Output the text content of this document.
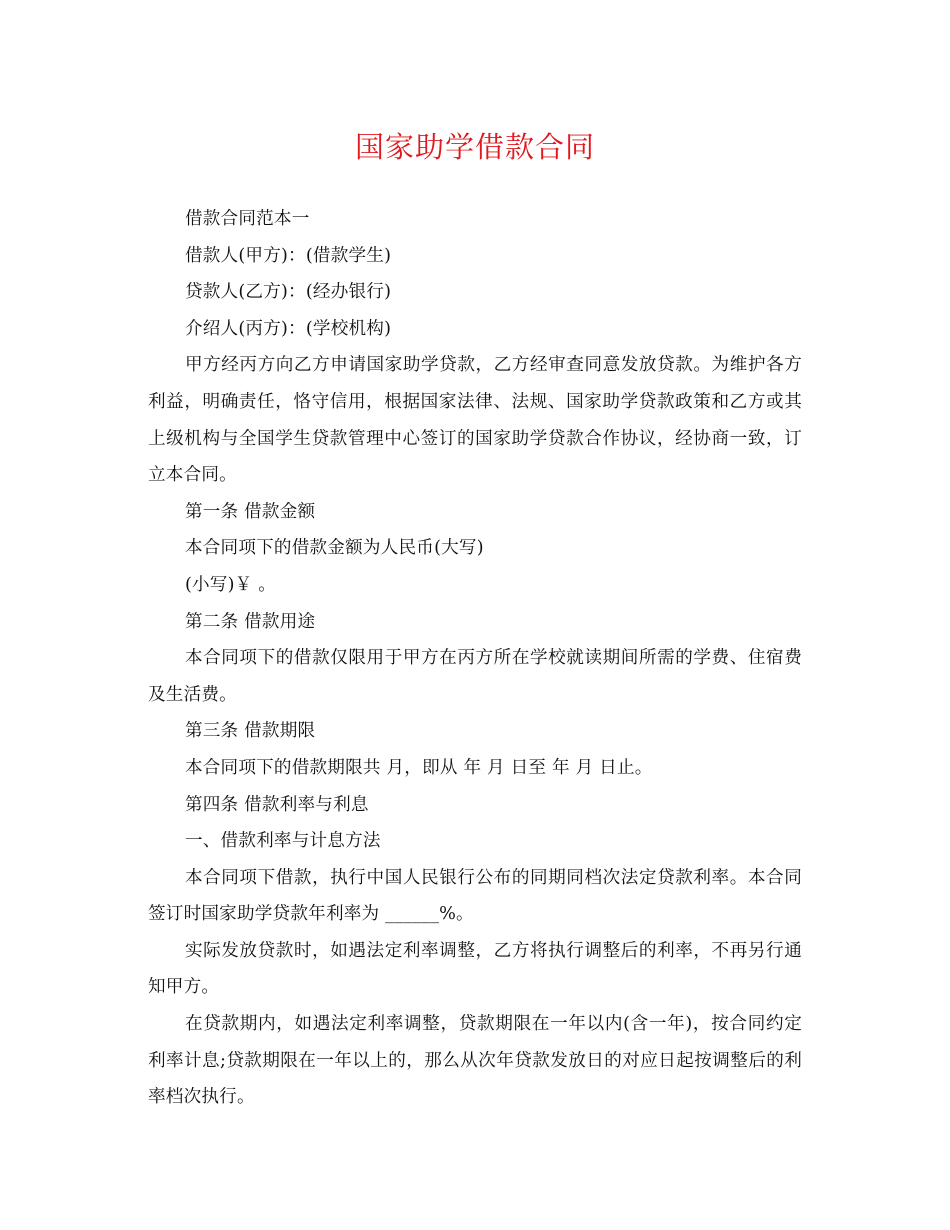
国家助学借款合同

借款合同范本一

借款人(甲方)：(借款学生)

贷款人(乙方)：(经办银行)

介绍人(丙方)：(学校机构)

甲方经丙方向乙方申请国家助学贷款，乙方经审查同意发放贷款。为维护各方利益，明确责任，恪守信用，根据国家法律、法规、国家助学贷款政策和乙方或其上级机构与全国学生贷款管理中心签订的国家助学贷款合作协议，经协商一致，订立本合同。

第一条 借款金额

本合同项下的借款金额为人民币(大写)

(小写)￥ 。

第二条 借款用途

本合同项下的借款仅限用于甲方在丙方所在学校就读期间所需的学费、住宿费及生活费。

第三条 借款期限

本合同项下的借款期限共 月，即从 年 月 日至 年 月 日止。

第四条 借款利率与利息

一、借款利率与计息方法

本合同项下借款，执行中国人民银行公布的同期同档次法定贷款利率。本合同签订时国家助学贷款年利率为 ______%。

实际发放贷款时，如遇法定利率调整，乙方将执行调整后的利率，不再另行通知甲方。

在贷款期内，如遇法定利率调整，贷款期限在一年以内(含一年)，按合同约定利率计息;贷款期限在一年以上的，那么从次年贷款发放日的对应日起按调整后的利率档次执行。
